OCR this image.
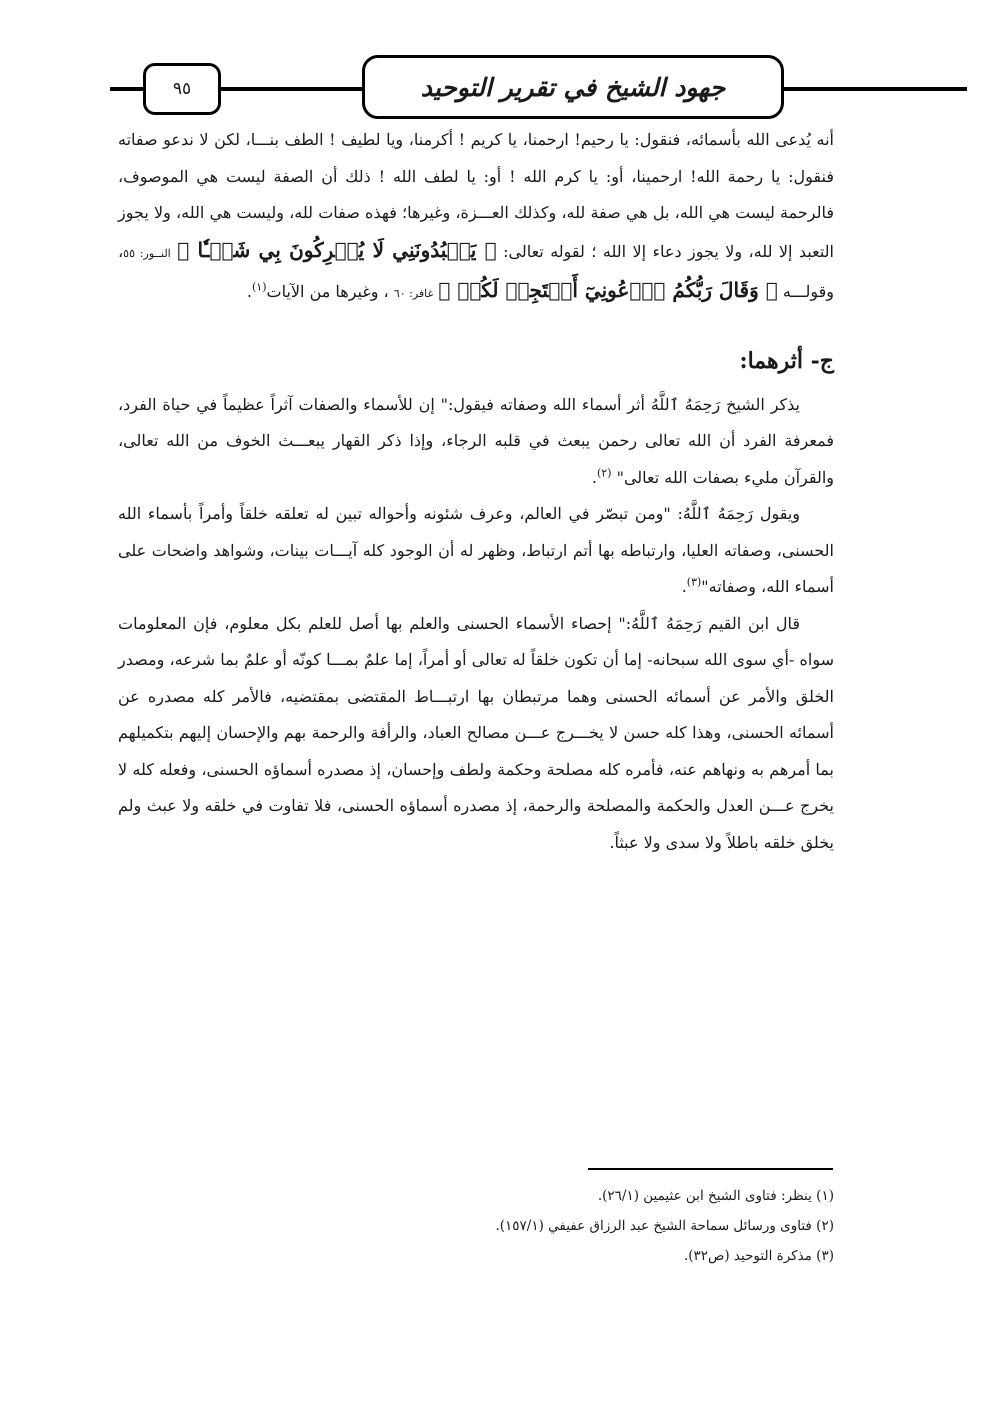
٩٥	جهود الشيخ في تقرير التوحيد

أنه يُدعى الله بأسمائه، فنقول: يا رحيم! ارحمنا، يا كريم ! أكرمنا، ويا لطيف ! الطف بنـــا، لكن لا ندعو صفاته فنقول: يا رحمة الله! ارحمينا، أو: يا كرم الله ! أو: يا لطف الله ! ذلك أن الصفة ليست هي الموصوف، فالرحمة ليست هي الله، بل هي صفة لله، وكذلك العـــزة، وغيرها؛ فهذه صفات لله، وليست هي الله، ولا يجوز التعبد إلا لله، ولا يجوز دعاء إلا الله ؛ لقوله تعالى: ﴿ يَعۡبُدُونَنِي لَا يُشۡرِكُونَ بِي شَيۡـٔٗا ﴾ النــور: ٥٥، وقولـــه ﴿ وَقَالَ رَبُّكُمُ ٱدۡعُونِيٓ أَسۡتَجِبۡ لَكُمۡ ﴾ غافر: ٦٠ ، وغيرها من الآيات$^{(١)}$.

ج- أثرهما:

يذكر الشيخ رَحِمَهُ ٱللَّهُ أثر أسماء الله وصفاته فيقول:" إن للأسماء والصفات آثراً عظيماً في حياة الفرد، فمعرفة الفرد أن الله تعالى رحمن يبعث في قلبه الرجاء، وإذا ذكر القهار يبعـــث الخوف من الله تعالى، والقرآن مليء بصفات الله تعالى" $^{(٢)}$.

ويقول رَحِمَهُ ٱللَّهُ: "ومن تبصّر في العالم، وعرف شئونه وأحواله تبين له تعلقه خلقاً وأمراً بأسماء الله الحسنى، وصفاته العليا، وارتباطه بها أتم ارتباط، وظهر له أن الوجود كله آيـــات بينات، وشواهد واضحات على أسماء الله، وصفاته"$^{(٣)}$.

قال ابن القيم رَحِمَهُ ٱللَّهُ:" إحصاء الأسماء الحسنى والعلم بها أصل للعلم بكل معلوم، فإن المعلومات سواه -أي سوى الله سبحانه- إما أن تكون خلقاً له تعالى أو أمراً، إما علمٌ بمـــا كونّه أو علمٌ بما شرعه، ومصدر الخلق والأمر عن أسمائه الحسنى وهما مرتبطان بها ارتبـــاط المقتضى بمقتضيه، فالأمر كله مصدره عن أسمائه الحسنى، وهذا كله حسن لا يخـــرج عـــن مصالح العباد، والرأفة والرحمة بهم والإحسان إليهم بتكميلهم بما أمرهم به ونهاهم عنه، فأمره كله مصلحة وحكمة ولطف وإحسان، إذ مصدره أسماؤه الحسنى، وفعله كله لا يخرج عـــن العدل والحكمة والمصلحة والرحمة، إذ مصدره أسماؤه الحسنى، فلا تفاوت في خلقه ولا عبث ولم يخلق خلقه باطلاً ولا سدى ولا عبثاً.

(١) ينظر: فتاوى الشيخ ابن عثيمين (٢٦/١).
(٢) فتاوى ورسائل سماحة الشيخ عبد الرزاق عفيفي (١٥٧/١).
(٣) مذكرة التوحيد (ص٣٢).
